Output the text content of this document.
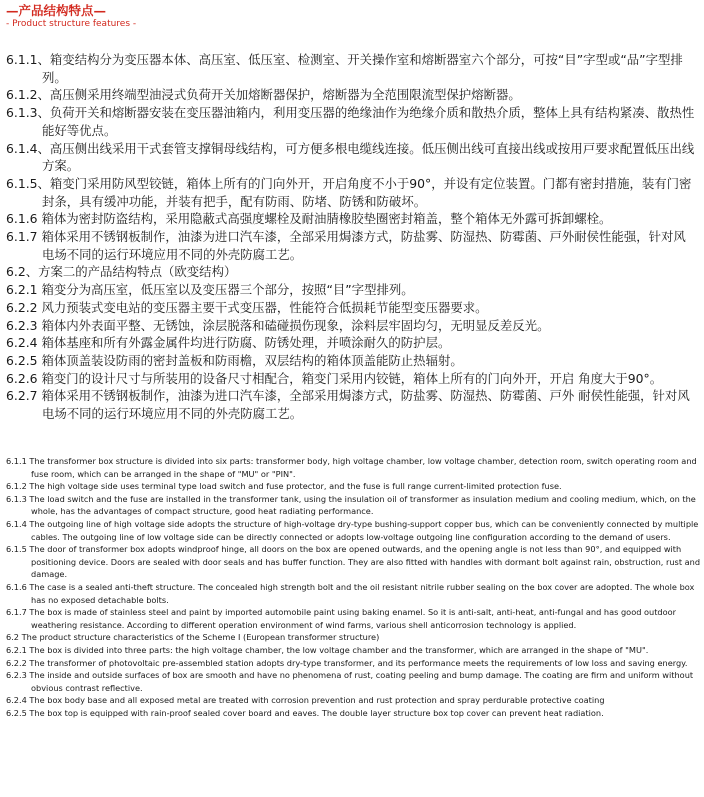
—产品结构特点—
- Product structure features -
6.1.1、箱变结构分为变压器本体、高压室、低压室、检测室、开关操作室和熔断器室六个部分，可按“目”字型或“品”字型排列。
6.1.2、高压侧采用终端型油浸式负荷开关加熔断器保护，熔断器为全范围限流型保护熔断器。
6.1.3、负荷开关和熔断器安装在变压器油箱内，利用变压器的绝缘油作为绝缘介质和散热介质，整体上具有结构紧凑、散热性能好等优点。
6.1.4、高压侧出线采用干式套管支撑铜母线结构，可方便多根电缆线连接。低压侧出线可直接出线或按用戸要求配置低压出线方案。
6.1.5、箱变门采用防风型铰链，箱体上所有的门向外开，开启角度不小于90°，并设有定位装置。门都有密封措施，装有门密封条，具有缓冲功能，并装有把手，配有防雨、防堵、防锈和防破坏。
6.1.6 箱体为密封防盗结构，采用隐蔽式高强度螺栓及耐油腈橡胶垫圈密封箱盖，整个箱体无外露可拆卸螺栓。
6.1.7 箱体采用不锈钢板制作，油漆为进口汽车漆，全部采用焗漆方式，防盐雾、防湿热、防霉菌、戸外耐侯性能强，针对风电场不同的运行环境应用不同的外壳防腐工艺。
6.2、方案二的产品结构特点（欧变结构）
6.2.1 箱变分为高压室，低压室以及变压器三个部分，按照“目”字型排列。
6.2.2 风力预装式变电站的变压器主要干式变压器，性能符合低损耗节能型变压器要求。
6.2.3 箱体内外表面平整、无锈蚀，涂层脱落和磕碰损伤现象，涂料层牢固均匀，无明显反差反光。
6.2.4 箱体基座和所有外露金属件均进行防腐、防锈处理，并喷涂耐久的防护层。
6.2.5 箱体顶盖装设防雨的密封盖板和防雨檐，双层结构的箱体顶盖能防止热辐射。
6.2.6 箱变门的设计尺寸与所装用的设备尺寸相配合，箱变门采用内铰链，箱体上所有的门向外开，开启 角度大于90°。
6.2.7 箱体采用不锈钢板制作，油漆为进口汽车漆，全部采用焗漆方式，防盐雾、防湿热、防霉菌、戸外 耐侯性能强，针对风电场不同的运行环境应用不同的外壳防腐工艺。
6.1.1 The transformer box structure is divided into six parts: transformer body, high voltage chamber, low voltage chamber, detection room, switch operating room and fuse room, which can be arranged in the shape of "MU" or "PIN".
6.1.2 The high voltage side uses terminal type load switch and fuse protector, and the fuse is full range current-limited protection fuse.
6.1.3 The load switch and the fuse are installed in the transformer tank, using the insulation oil of transformer as insulation medium and cooling medium, which, on the whole, has the advantages of compact structure, good heat radiating performance.
6.1.4 The outgoing line of high voltage side adopts the structure of high-voltage dry-type bushing-support copper bus, which can be conveniently connected by multiple cables. The outgoing line of low voltage side can be directly connected or adopts low-voltage outgoing line configuration according to the demand of users.
6.1.5 The door of transformer box adopts windproof hinge, all doors on the box are opened outwards, and the opening angle is not less than 90°, and equipped with positioning device. Doors are sealed with door seals and has buffer function. They are also fitted with handles with dormant bolt against rain, obstruction, rust and damage.
6.1.6 The case is a sealed anti-theft structure. The concealed high strength bolt and the oil resistant nitrile rubber sealing on the box cover are adopted. The whole box has no exposed detachable bolts.
6.1.7 The box is made of stainless steel and paint by imported automobile paint using baking enamel. So it is anti-salt, anti-heat, anti-fungal and has good outdoor weathering resistance. According to different operation environment of wind farms, various shell anticorrosion technology is applied.
6.2 The product structure characteristics of the Scheme I (European transformer structure)
6.2.1 The box is divided into three parts: the high voltage chamber, the low voltage chamber and the transformer, which are arranged in the shape of "MU".
6.2.2 The transformer of photovoltaic pre-assembled station adopts dry-type transformer, and its performance meets the requirements of low loss and saving energy.
6.2.3 The inside and outside surfaces of box are smooth and have no phenomena of rust, coating peeling and bump damage. The coating are firm and uniform without obvious contrast reflective.
6.2.4 The box body base and all exposed metal are treated with corrosion prevention and rust protection and spray perdurable protective coating
6.2.5 The box top is equipped with rain-proof sealed cover board and eaves. The double layer structure box top cover can prevent heat radiation.
